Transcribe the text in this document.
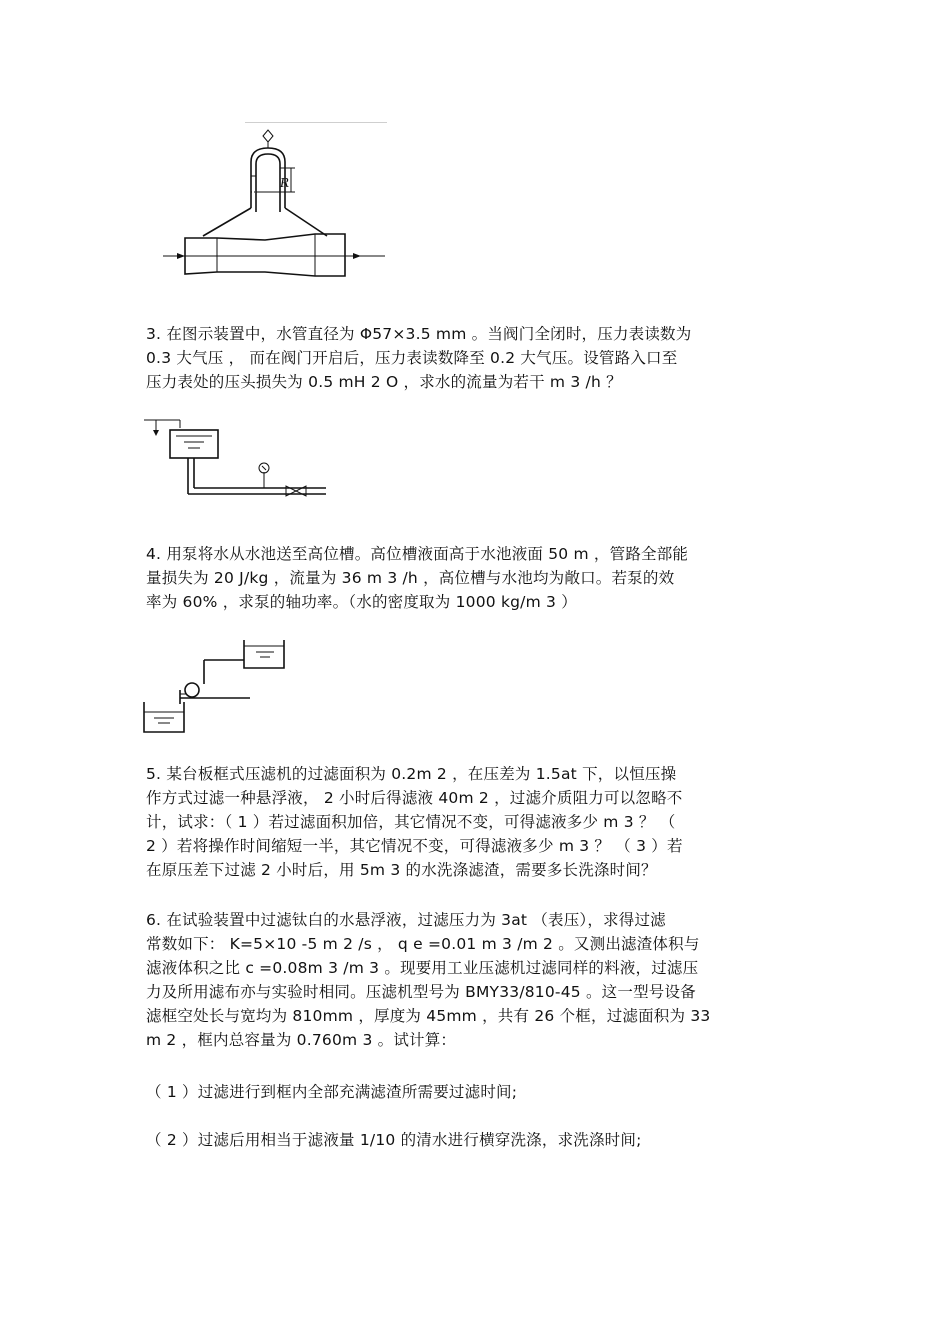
R
3. 在图示装置中，水管直径为 Φ57×3.5 mm 。当阀门全闭时，压力表读数为
0.3 大气压 ， 而在阀门开启后，压力表读数降至 0.2 大气压。设管路入口至
压力表处的压头损失为 0.5 mH 2 O ，求水的流量为若干 m 3 /h ？
4. 用泵将水从水池送至高位槽。高位槽液面高于水池液面 50 m ，管路全部能
量损失为 20 J/kg ，流量为 36 m 3 /h ，高位槽与水池均为敞口。若泵的效
率为 60% ，求泵的轴功率。（水的密度取为 1000 kg/m 3 ）
5. 某台板框式压滤机的过滤面积为 0.2m 2 ，在压差为 1.5at 下，以恒压操
作方式过滤一种悬浮液， 2 小时后得滤液 40m 2 ，过滤介质阻力可以忽略不
计，试求：（ 1 ）若过滤面积加倍，其它情况不变，可得滤液多少 m 3 ？ （
2 ）若将操作时间缩短一半，其它情况不变，可得滤液多少 m 3 ？ （ 3 ）若
在原压差下过滤 2 小时后，用 5m 3 的水洗涤滤渣，需要多长洗涤时间？
6. 在试验装置中过滤钛白的水悬浮液，过滤压力为 3at （表压），求得过滤
常数如下： K=5×10 -5 m 2 /s ， q e =0.01 m 3 /m 2 。又测出滤渣体积与
滤液体积之比 c =0.08m 3 /m 3 。现要用工业压滤机过滤同样的料液，过滤压
力及所用滤布亦与实验时相同。压滤机型号为 BMY33/810-45 。这一型号设备
滤框空处长与宽均为 810mm ，厚度为 45mm ，共有 26 个框，过滤面积为 33
m 2 ，框内总容量为 0.760m 3 。试计算：
（ 1 ）过滤进行到框内全部充满滤渣所需要过滤时间;
（ 2 ）过滤后用相当于滤液量 1/10 的清水进行横穿洗涤，求洗涤时间;
